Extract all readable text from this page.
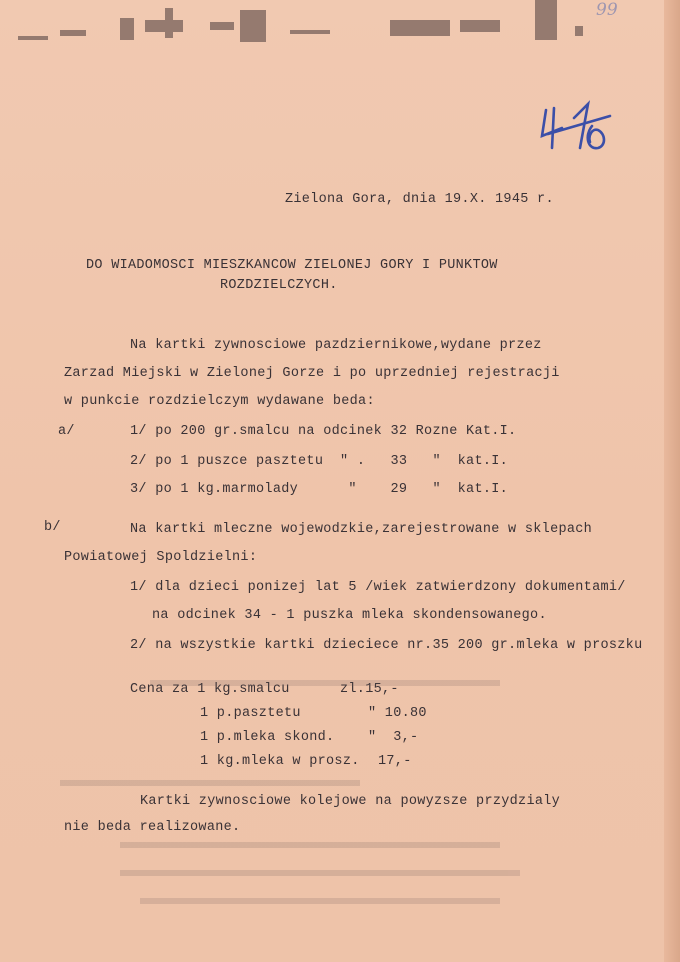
99
Zielona Gora, dnia 19.X. 1945 r.
DO WIADOMOSCI MIESZKANCOW ZIELONEJ GORY I PUNKTOW
ROZDZIELCZYCH.
Na kartki zywnosciowe pazdziernikowe,wydane przez
Zarzad Miejski w Zielonej Gorze i po uprzedniej rejestracji
w punkcie rozdzielczym wydawane beda:
a/	1/ po 200 gr.smalcu na odcinek 32 Rozne Kat.I.
2/ po 1 puszce pasztetu  " .   33   "  kat.I.
3/ po 1 kg.marmolady      "    29   "  kat.I.
b/	Na kartki mleczne wojewodzkie,zarejestrowane w sklepach
Powiatowej Spoldzielni:
1/ dla dzieci ponizej lat 5 /wiek zatwierdzony dokumentami/
na odcinek 34 - 1 puszka mleka skondensowanego.
2/ na wszystkie kartki dzieciece nr.35 200 gr.mleka w proszku
Cena za 1 kg.smalcu	zl.15,-
1 p.pasztetu	" 10.80
1 p.mleka skond. "  3,-
1 kg.mleka w prosz. 17,-
Kartki zywnosciowe kolejowe na powyzsze przydzialy
nie beda realizowane.
